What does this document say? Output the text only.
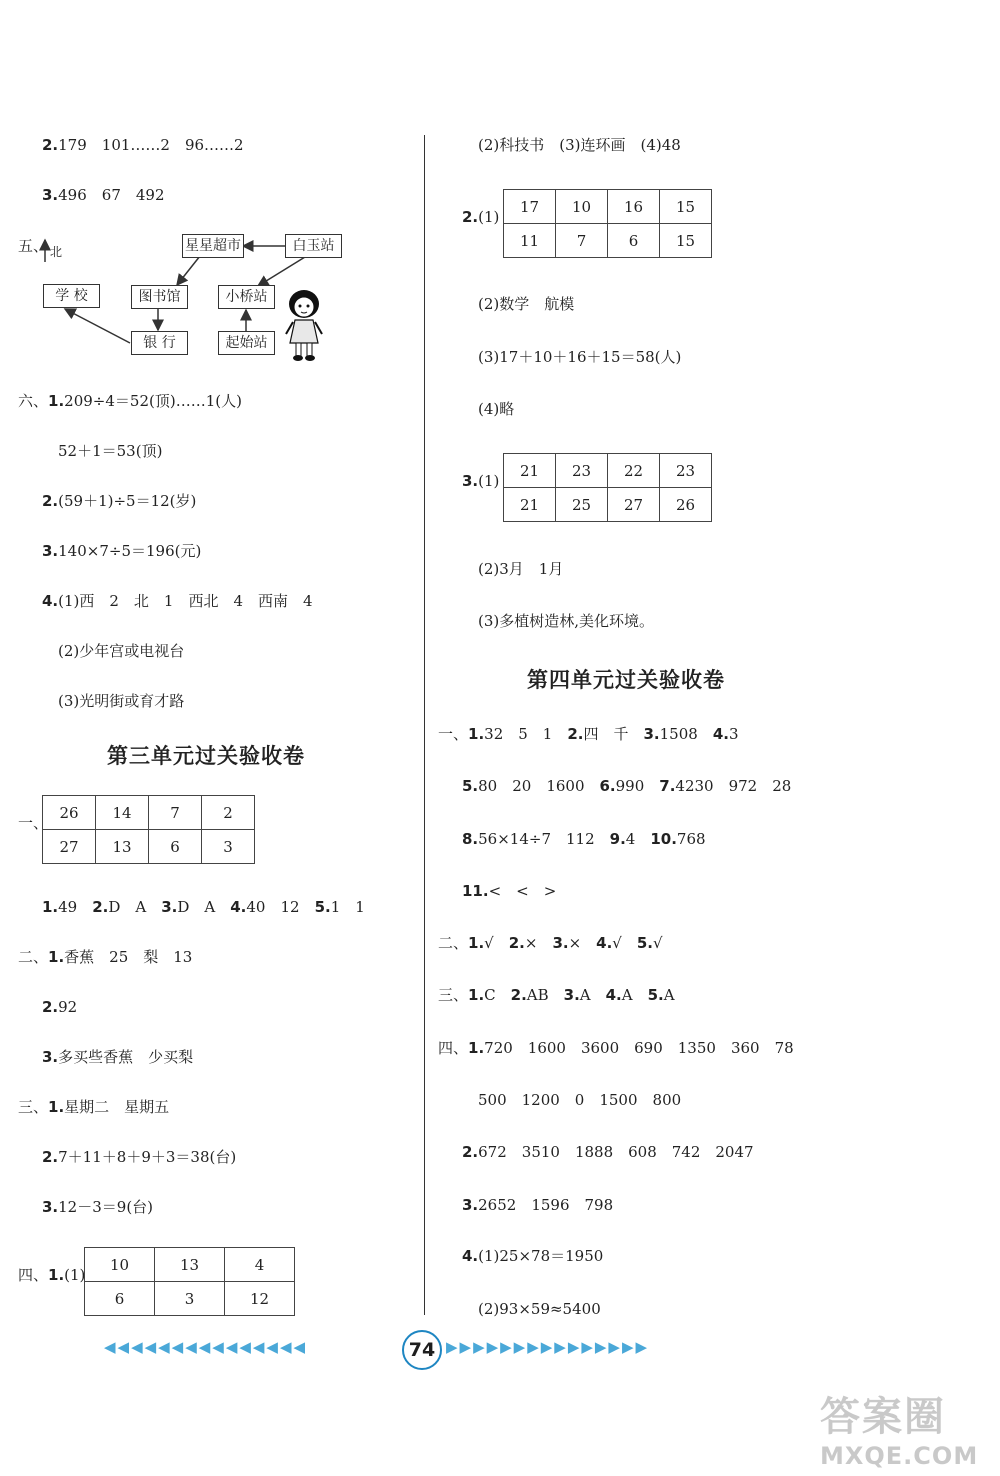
2.179　101……2　96……2
3.496　67　492
五、 北	星星超市	白玉站
学 校	图书馆	小桥站
银 行	起始站
六、1.209÷4＝52(顶)……1(人)
52＋1＝53(顶)
2.(59＋1)÷5＝12(岁)
3.140×7÷5＝196(元)
4.(1)西　2　北　1　西北　4　西南　4
(2)少年宫或电视台
(3)光明街或育才路
第三单元过关验收卷
一、
26	14	7	2
27	13	6	3
1.49　2.D　A　3.D　A　4.40　12　5.1　1
二、1.香蕉　25　梨　13
2.92
3.多买些香蕉　少买梨
三、1.星期二　星期五
2.7＋11＋8＋9＋3＝38(台)
3.12－3＝9(台)
四、1.(1)
10	13	4
6	3	12
(2)科技书　(3)连环画　(4)48
2.(1)
17	10	16	15
11	7	6	15
(2)数学　航模
(3)17＋10＋16＋15＝58(人)
(4)略
3.(1)
21	23	22	23
21	25	27	26
(2)3月　1月
(3)多植树造林,美化环境。
第四单元过关验收卷
一、1.32　5　1　2.四　千　3.1508　4.3
5.80　20　1600　6.990　7.4230　972　28
8.56×14÷7　112　9.4　10.768
11.<　<　>
二、1.√　2.×　3.×　4.√　5.√
三、1.C　2.AB　3.A　4.A　5.A
四、1.720　1600　3600　690　1350　360　78
500　1200　0　1500　800
2.672　3510　1888　608　742　2047
3.2652　1596　798
4.(1)25×78＝1950
(2)93×59≈5400
◀◀◀◀◀◀◀◀◀◀◀◀◀◀◀	74 ▶▶▶▶▶▶▶▶▶▶▶▶▶▶▶
答案圈
MXQE.COM
